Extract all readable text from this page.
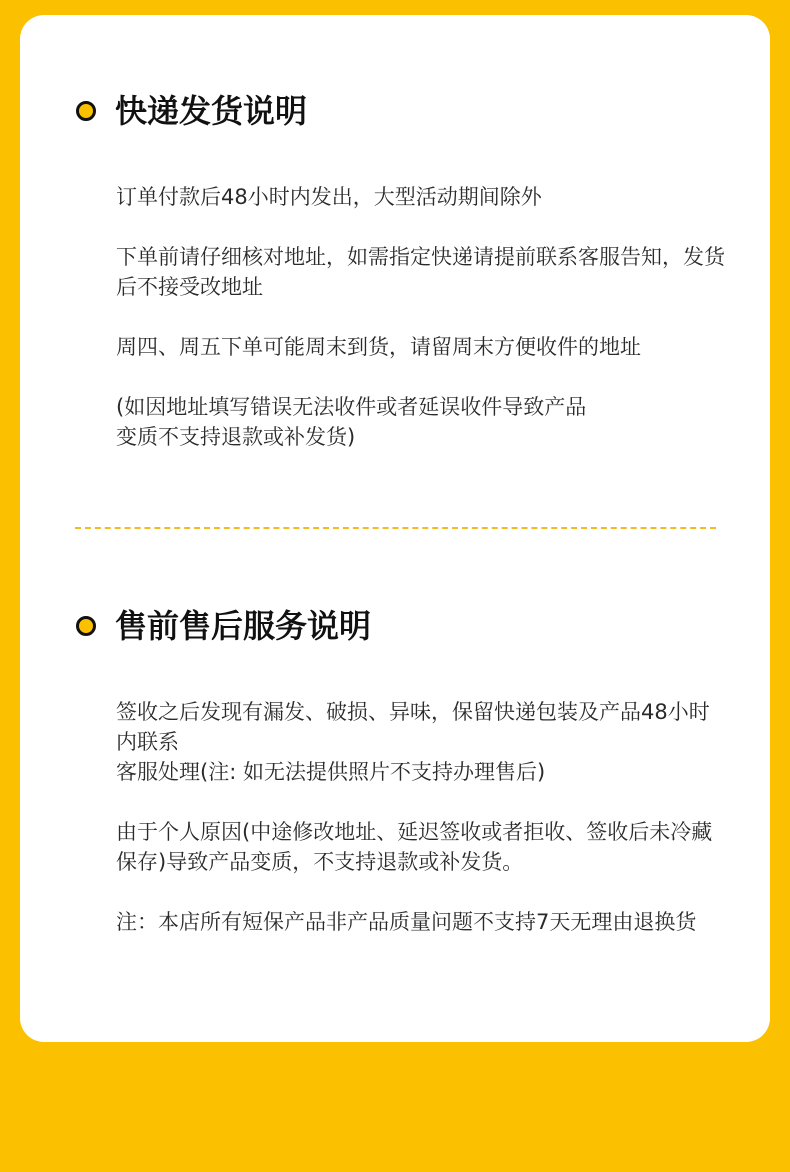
快递发货说明
订单付款后48小时内发出，大型活动期间除外
下单前请仔细核对地址，如需指定快递请提前联系客服告知，发货后不接受改地址
周四、周五下单可能周末到货，请留周末方便收件的地址
(如因地址填写错误无法收件或者延误收件导致产品
变质不支持退款或补发货)
售前售后服务说明
签收之后发现有漏发、破损、异味，保留快递包装及产品48小时内联系
客服处理(注: 如无法提供照片不支持办理售后)
由于个人原因(中途修改地址、延迟签收或者拒收、签收后未冷藏保存)导致产品变质，不支持退款或补发货。
注：本店所有短保产品非产品质量问题不支持7天无理由退换货
